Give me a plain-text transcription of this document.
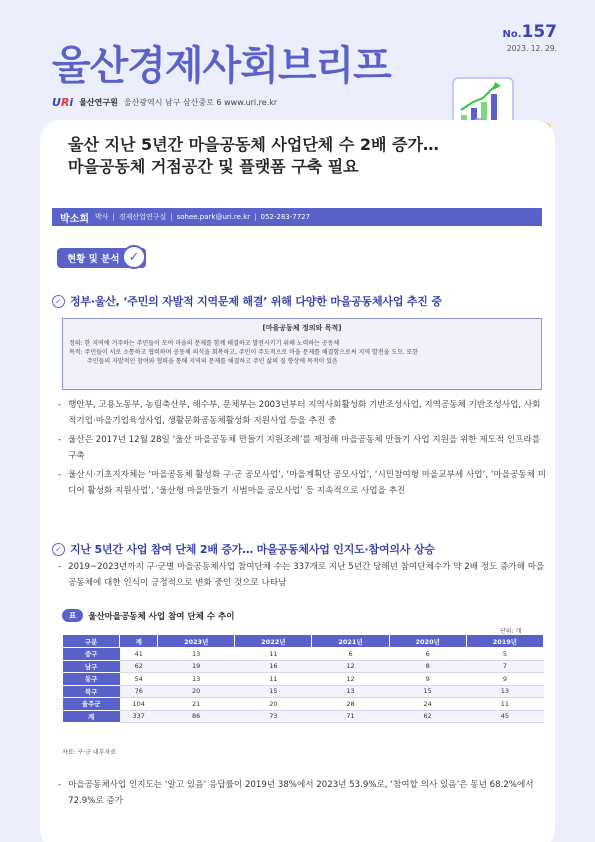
울산경제사회브리프
No.157
2023. 12. 29.
URi 울산연구원 울산광역시 남구 삼산중로 6 www.uri.re.kr
울산 지난 5년간 마을공동체 사업단체 수 2배 증가…
마을공동체 거점공간 및 플랫폼 구축 필요
박소희 박사 | 경제산업연구실 | sohee.park@uri.re.kr | 052-283-7727
현황 및 분석 ✓
✓ 정부·울산, ‘주민의 자발적 지역문제 해결’ 위해 다양한 마을공동체사업 추진 중
[마을공동체 정의와 목적]
정의: 한 지역에 거주하는 주민들이 모여 마을의 문제를 함께 해결하고 발전시키기 위해 노력하는 공동체
목적: 주민들이 서로 소통하고 협력하며 공동체 의식을 회복하고, 주민이 주도적으로 마을 문제를 해결함으로써 지역 발전을 도모. 또한
주민들의 자발적인 참여와 협력을 통해 지역의 문제를 해결하고 주민 삶의 질 향상에 목적이 있음
- 행안부, 고용노동부, 농림축산부, 해수부, 문체부는 2003년부터 지역사회활성화 기반조성사업, 지역공동체 기반조성사업, 사회적기업·마을기업육성사업, 생활문화공동체활성화 지원사업 등을 추진 중
- 울산은 2017년 12월 28일 ‘울산 마을공동체 만들기 지원조례’를 제정해 마을공동체 만들기 사업 지원을 위한 제도적 인프라를 구축
- 울산시·기초지자체는 ‘마을공동체 활성화 구·군 공모사업’, ‘마을계획단 공모사업’, ‘시민참여형 마을교부세 사업’, ‘마을공동체 미디어 활성화 지원사업’, ‘울산형 마을만들기 시범마을 공모사업’ 등 지속적으로 사업을 추진
✓ 지난 5년간 사업 참여 단체 2배 증가… 마을공동체사업 인지도·참여의사 상승
- 2019~2023년까지 구·군별 마을공동체사업 참여단체 수는 337개로 지난 5년간 당해년 참여단체수가 약 2배 정도 증가해 마을공동체에 대한 인식이 긍정적으로 변화 중인 것으로 나타남
표	울산마을공동체 사업 참여 단체 수 추이
단위: 개
구분	계	2023년	2022년	2021년	2020년	2019년
중구	41	13	11	6	6	5
남구	62	19	16	12	8	7
동구	54	13	11	12	9	9
북구	76	20	15	13	15	13
울주군	104	21	20	28	24	11
계	337	86	73	71	62	45
자료: 구·군 내부자료
- 마을공동체사업 인지도는 ‘알고 있음’ 응답률이 2019년 38%에서 2023년 53.9%로, ‘참여할 의사 있음’은 동년 68.2%에서 72.9%로 증가
